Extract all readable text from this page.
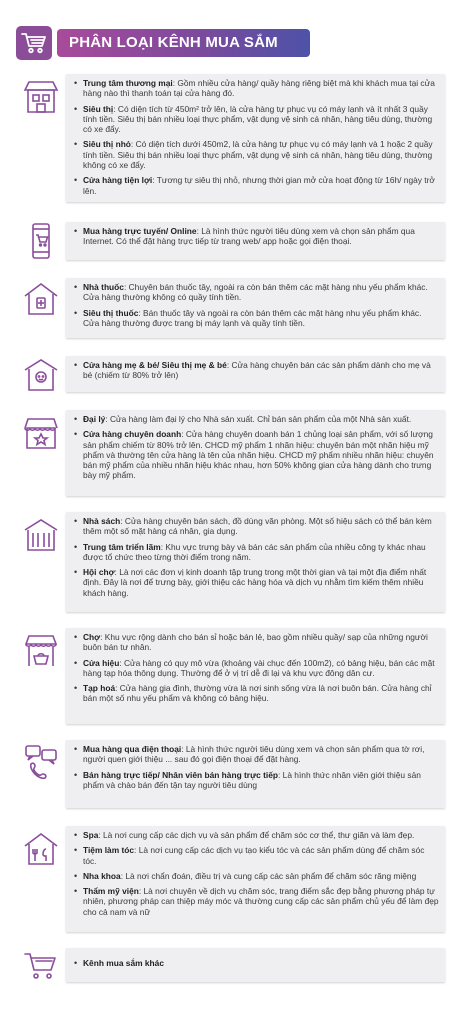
PHÂN LOẠI KÊNH MUA SẮM
• Trung tâm thương mại: Gồm nhiều cửa hàng/ quầy hàng riêng biệt mà khi khách mua tại cửa hàng nào thì thanh toán tại cửa hàng đó.
• Siêu thị: Có diện tích từ 450m² trở lên, là cửa hàng tự phục vụ có máy lạnh và ít nhất 3 quầy tính tiền. Siêu thị bán nhiều loại thực phẩm, vật dụng vệ sinh cá nhân, hàng tiêu dùng, thường có xe đẩy.
• Siêu thị nhỏ: Có diện tích dưới 450m2, là cửa hàng tự phục vụ có máy lạnh và 1 hoặc 2 quầy tính tiền. Siêu thị bán nhiều loại thực phẩm, vật dụng vệ sinh cá nhân, hàng tiêu dùng, thường không có xe đẩy.
• Cửa hàng tiện lợi: Tương tự siêu thị nhỏ, nhưng thời gian mở cửa hoạt động từ 16h/ ngày trở lên.
• Mua hàng trực tuyến/ Online: Là hình thức người tiêu dùng xem và chọn sản phẩm qua Internet. Có thể đặt hàng trực tiếp từ trang web/ app hoặc gọi điện thoại.
• Nhà thuốc: Chuyên bán thuốc tây, ngoài ra còn bán thêm các mặt hàng nhu yếu phẩm khác. Cửa hàng thường không có quầy tính tiền.
• Siêu thị thuốc: Bán thuốc tây và ngoài ra còn bán thêm các mặt hàng nhu yếu phẩm khác. Cửa hàng thường được trang bị máy lạnh và quầy tính tiền.
• Cửa hàng mẹ & bé/ Siêu thị mẹ & bé: Cửa hàng chuyên bán các sản phẩm dành cho mẹ và bé (chiếm từ 80% trở lên)
• Đại lý: Cửa hàng làm đại lý cho Nhà sản xuất. Chỉ bán sản phẩm của một Nhà sản xuất.
• Cửa hàng chuyên doanh: Cửa hàng chuyên doanh bán 1 chủng loại sản phẩm, với số lượng sản phẩm chiếm từ 80% trở lên. CHCD mỹ phẩm 1 nhãn hiệu: chuyên bán một nhãn hiệu mỹ phẩm và thường tên cửa hàng là tên của nhãn hiệu. CHCD mỹ phẩm nhiều nhãn hiệu: chuyên bán mỹ phẩm của nhiều nhãn hiệu khác nhau, hơn 50% không gian cửa hàng dành cho trưng bày mỹ phẩm.
• Nhà sách: Cửa hàng chuyên bán sách, đồ dùng văn phòng. Một số hiệu sách có thể bán kèm thêm một số mặt hàng cá nhân, gia dụng.
• Trung tâm triển lãm: Khu vực trưng bày và bán các sản phẩm của nhiều công ty khác nhau được tổ chức theo từng thời điểm trong năm.
• Hội chợ: Là nơi các đơn vị kinh doanh tập trung trong một thời gian và tại một địa điểm nhất định. Đây là nơi để trưng bày, giới thiệu các hàng hóa và dịch vụ nhằm tìm kiếm thêm nhiều khách hàng.
• Chợ: Khu vực rộng dành cho bán sỉ hoặc bán lẻ, bao gồm nhiều quầy/ sạp của những người buôn bán tư nhân.
• Cửa hiệu: Cửa hàng có quy mô vừa (khoảng vài chục đến 100m2), có bảng hiệu, bán các mặt hàng tạp hóa thông dụng. Thường để ở vị trí dễ đi lại và khu vực đông dân cư.
• Tạp hoá: Cửa hàng gia đình, thường vừa là nơi sinh sống vừa là nơi buôn bán. Cửa hàng chỉ bán một số nhu yếu phẩm và không có bảng hiệu.
• Mua hàng qua điện thoại: Là hình thức người tiêu dùng xem và chọn sản phẩm qua tờ rơi, người quen giới thiệu ... sau đó gọi điện thoại để đặt hàng.
• Bán hàng trực tiếp/ Nhân viên bán hàng trực tiếp: Là hình thức nhân viên giới thiệu sản phẩm và chào bán đến tận tay người tiêu dùng
• Spa: Là nơi cung cấp các dịch vụ và sản phẩm để chăm sóc cơ thể, thư giãn và làm đẹp.
• Tiệm làm tóc: Là nơi cung cấp các dịch vụ tạo kiểu tóc và các sản phẩm dùng để chăm sóc tóc.
• Nha khoa: Là nơi chẩn đoán, điều trị và cung cấp các sản phẩm để chăm sóc răng miệng
• Thẩm mỹ viện: Là nơi chuyên về dịch vụ chăm sóc, trang điểm sắc đẹp bằng phương pháp tự nhiên, phương pháp can thiệp máy móc và thường cung cấp các sản phẩm chủ yếu để làm đẹp cho cả nam và nữ
• Kênh mua sắm khác
